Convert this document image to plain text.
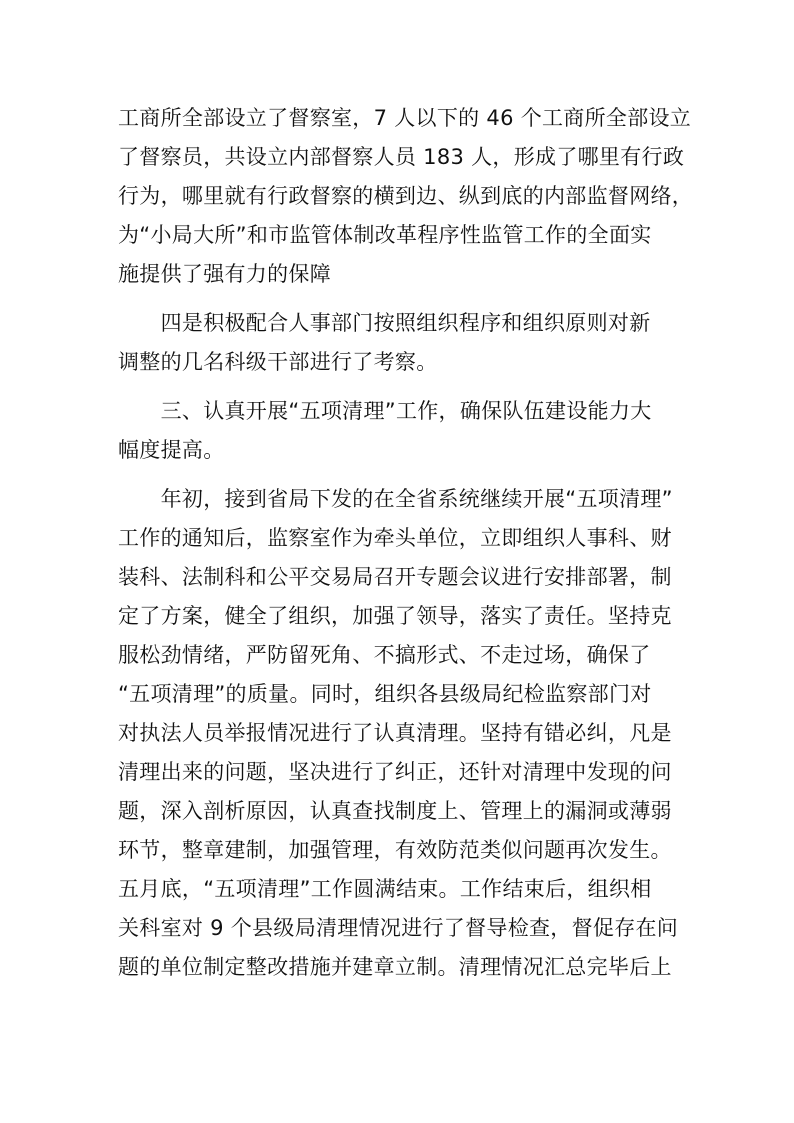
工商所全部设立了督察室，7 人以下的 46 个工商所全部设立
了督察员，共设立内部督察人员 183 人，形成了哪里有行政
行为，哪里就有行政督察的横到边、纵到底的内部监督网络，
为“小局大所”和市监管体制改革程序性监管工作的全面实
施提供了强有力的保障
　　四是积极配合人事部门按照组织程序和组织原则对新
调整的几名科级干部进行了考察。
　　三、认真开展“五项清理”工作，确保队伍建设能力大
幅度提高。
　　年初，接到省局下发的在全省系统继续开展“五项清理”
工作的通知后，监察室作为牵头单位，立即组织人事科、财
装科、法制科和公平交易局召开专题会议进行安排部署，制
定了方案，健全了组织，加强了领导，落实了责任。坚持克
服松劲情绪，严防留死角、不搞形式、不走过场，确保了
“五项清理”的质量。同时，组织各县级局纪检监察部门对
对执法人员举报情况进行了认真清理。坚持有错必纠，凡是
清理出来的问题，坚决进行了纠正，还针对清理中发现的问
题，深入剖析原因，认真查找制度上、管理上的漏洞或薄弱
环节，整章建制，加强管理，有效防范类似问题再次发生。
五月底，“五项清理”工作圆满结束。工作结束后，组织相
关科室对 9 个县级局清理情况进行了督导检查，督促存在问
题的单位制定整改措施并建章立制。清理情况汇总完毕后上
